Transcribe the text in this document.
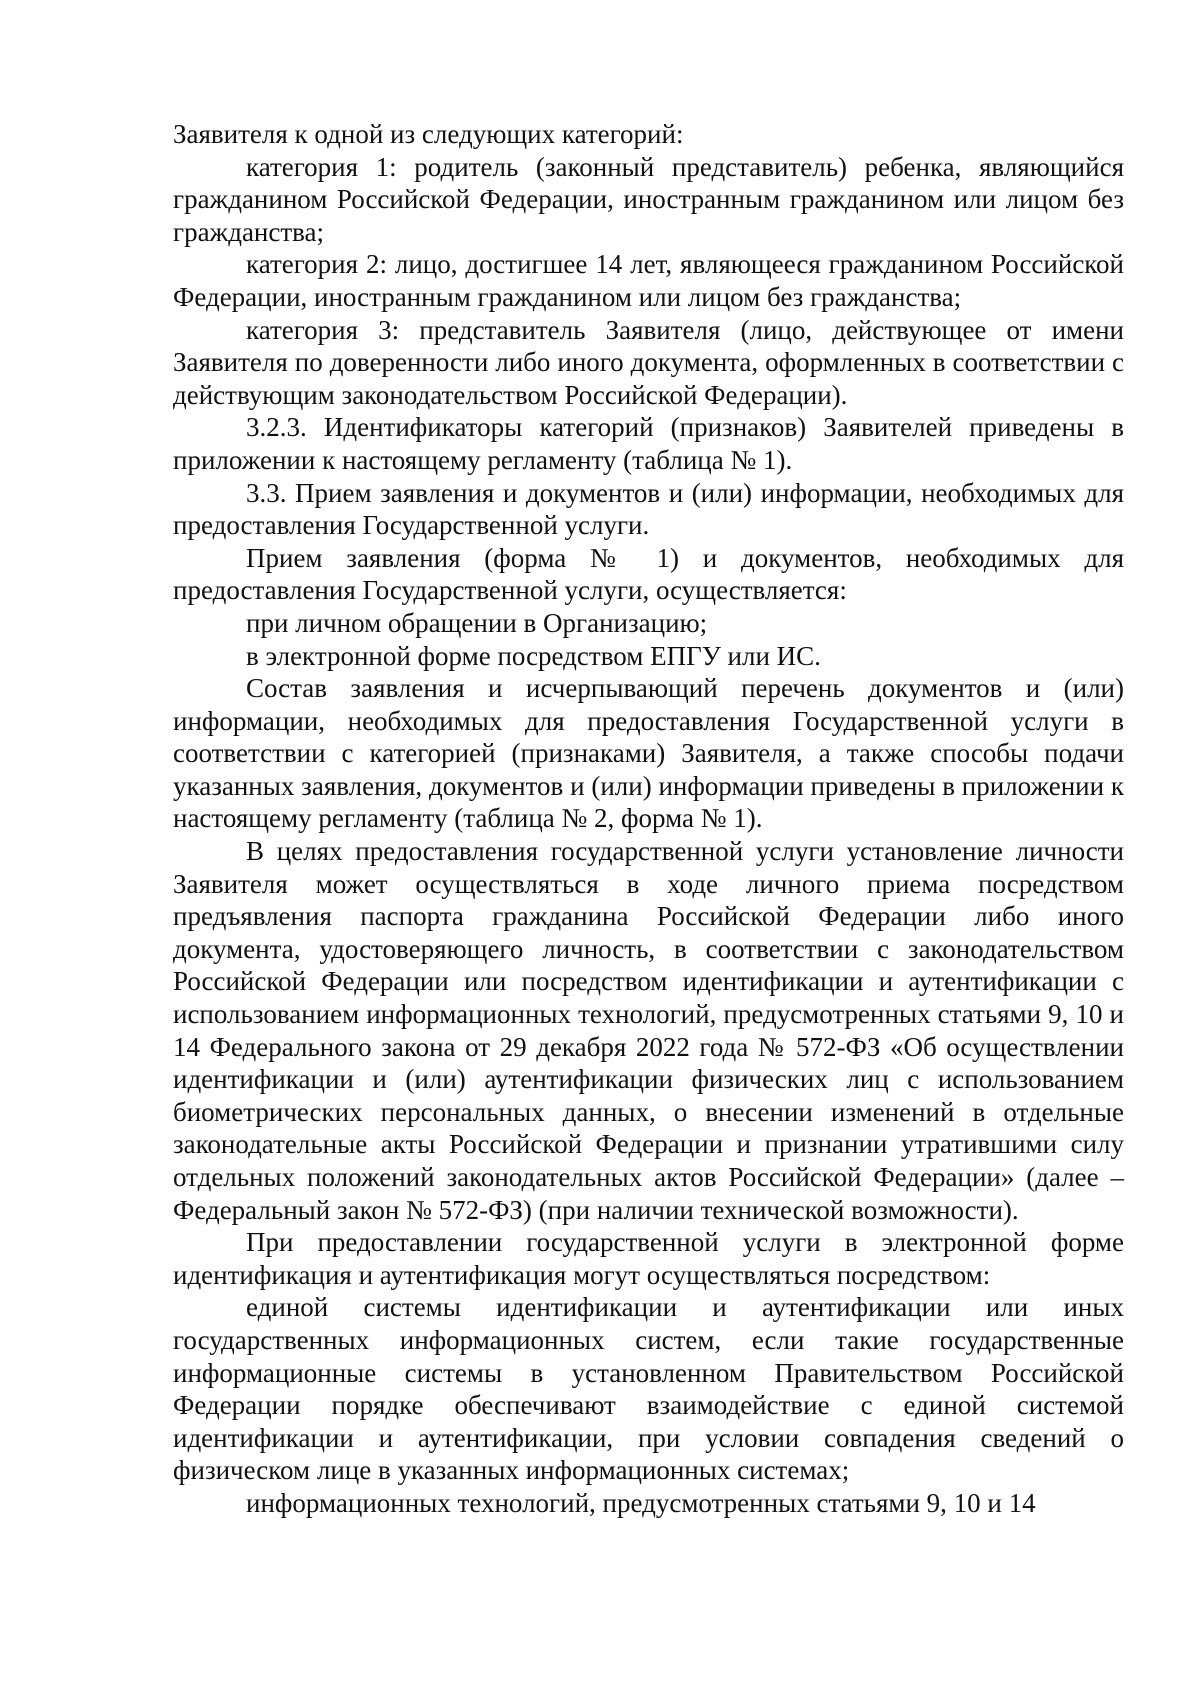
Заявителя к одной из следующих категорий:

категория 1: родитель (законный представитель) ребенка, являющийся гражданином Российской Федерации, иностранным гражданином или лицом без гражданства;

категория 2: лицо, достигшее 14 лет, являющееся гражданином Российской Федерации, иностранным гражданином или лицом без гражданства;

категория 3: представитель Заявителя (лицо, действующее от имени Заявителя по доверенности либо иного документа, оформленных в соответствии с действующим законодательством Российской Федерации).

3.2.3. Идентификаторы категорий (признаков) Заявителей приведены в приложении к настоящему регламенту (таблица № 1).

3.3. Прием заявления и документов и (или) информации, необходимых для предоставления Государственной услуги.

Прием заявления (форма № 1) и документов, необходимых для предоставления Государственной услуги, осуществляется:

при личном обращении в Организацию;

в электронной форме посредством ЕПГУ или ИС.

Состав заявления и исчерпывающий перечень документов и (или) информации, необходимых для предоставления Государственной услуги в соответствии с категорией (признаками) Заявителя, а также способы подачи указанных заявления, документов и (или) информации приведены в приложении к настоящему регламенту (таблица № 2, форма № 1).

В целях предоставления государственной услуги установление личности Заявителя может осуществляться в ходе личного приема посредством предъявления паспорта гражданина Российской Федерации либо иного документа, удостоверяющего личность, в соответствии с законодательством Российской Федерации или посредством идентификации и аутентификации с использованием информационных технологий, предусмотренных статьями 9, 10 и 14 Федерального закона от 29 декабря 2022 года № 572-ФЗ «Об осуществлении идентификации и (или) аутентификации физических лиц с использованием биометрических персональных данных, о внесении изменений в отдельные законодательные акты Российской Федерации и признании утратившими силу отдельных положений законодательных актов Российской Федерации» (далее – Федеральный закон № 572-ФЗ) (при наличии технической возможности).

При предоставлении государственной услуги в электронной форме идентификация и аутентификация могут осуществляться посредством:

единой системы идентификации и аутентификации или иных государственных информационных систем, если такие государственные информационные системы в установленном Правительством Российской Федерации порядке обеспечивают взаимодействие с единой системой идентификации и аутентификации, при условии совпадения сведений о физическом лице в указанных информационных системах;

информационных технологий, предусмотренных статьями 9, 10 и 14
